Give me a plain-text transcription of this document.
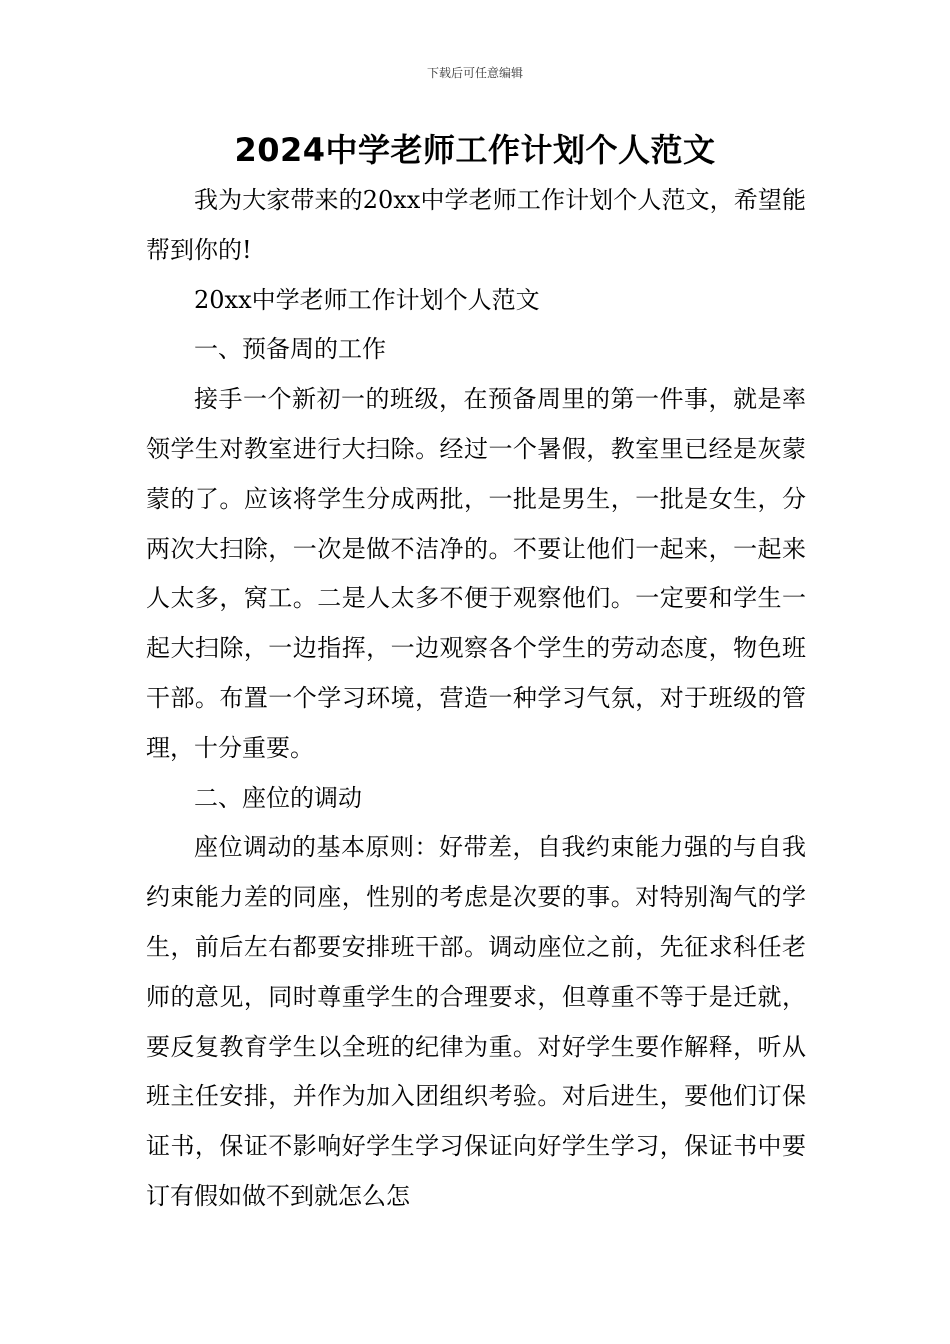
下载后可任意编辑
2024中学老师工作计划个人范文

我为大家带来的20xx中学老师工作计划个人范文，希望能帮到你的!

20xx中学老师工作计划个人范文

一、预备周的工作

接手一个新初一的班级，在预备周里的第一件事，就是率领学生对教室进行大扫除。经过一个暑假，教室里已经是灰蒙蒙的了。应该将学生分成两批，一批是男生，一批是女生，分两次大扫除，一次是做不洁净的。不要让他们一起来，一起来人太多，窝工。二是人太多不便于观察他们。一定要和学生一起大扫除，一边指挥，一边观察各个学生的劳动态度，物色班干部。布置一个学习环境，营造一种学习气氛，对于班级的管理，十分重要。

二、座位的调动

座位调动的基本原则：好带差，自我约束能力强的与自我约束能力差的同座，性别的考虑是次要的事。对特别淘气的学生，前后左右都要安排班干部。调动座位之前，先征求科任老师的意见，同时尊重学生的合理要求，但尊重不等于是迁就，要反复教育学生以全班的纪律为重。对好学生要作解释，听从班主任安排，并作为加入团组织考验。对后进生，要他们订保证书，保证不影响好学生学习保证向好学生学习，保证书中要订有假如做不到就怎么怎
